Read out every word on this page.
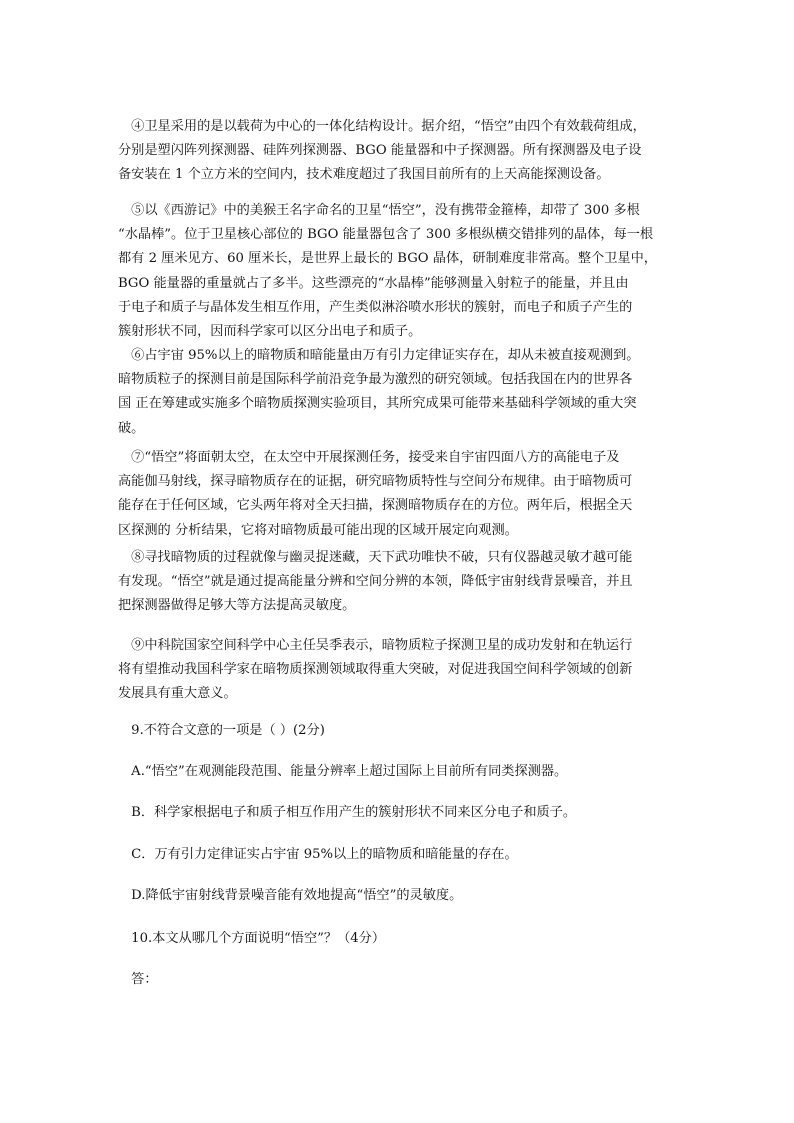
　④卫星采用的是以载荷为中心的一体化结构设计。据介绍，“悟空”由四个有效载荷组成，
分别是塑闪阵列探测器、硅阵列探测器、BGO 能量器和中子探测器。所有探测器及电子设
备安装在 1 个立方米的空间内，技术难度超过了我国目前所有的上天高能探测设备。
　⑤以《西游记》中的美猴王名字命名的卫星“悟空”，没有携带金箍棒，却带了 300 多根
“水晶棒”。位于卫星核心部位的 BGO 能量器包含了 300 多根纵横交错排列的晶体，每一根
都有 2 厘米见方、60 厘米长，是世界上最长的 BGO 晶体，研制难度非常高。整个卫星中，
BGO 能量器的重量就占了多半。这些漂亮的“水晶棒”能够测量入射粒子的能量，并且由
于电子和质子与晶体发生相互作用，产生类似淋浴喷水形状的簇射，而电子和质子产生的
簇射形状不同，因而科学家可以区分出电子和质子。
　⑥占宇宙 95%以上的暗物质和暗能量由万有引力定律证实存在，却从未被直接观测到。
暗物质粒子的探测目前是国际科学前沿竞争最为激烈的研究领域。包括我国在内的世界各
国 正在筹建或实施多个暗物质探测实验项目，其所究成果可能带来基础科学领域的重大突
破。
　⑦“悟空”将面朝太空，在太空中开展探测任务，接受来自宇宙四面八方的高能电子及
高能伽马射线，探寻暗物质存在的证据，研究暗物质特性与空间分布规律。由于暗物质可
能存在于任何区域，它头两年将对全天扫描，探测暗物质存在的方位。两年后，根据全天
区探测的 分析结果，它将对暗物质最可能出现的区域开展定向观测。
　⑧寻找暗物质的过程就像与幽灵捉迷藏，天下武功唯快不破，只有仪器越灵敏才越可能
有发现。“悟空”就是通过提高能量分辨和空间分辨的本领，降低宇宙射线背景噪音，并且
把探测器做得足够大等方法提高灵敏度。
　⑨中科院国家空间科学中心主任吴季表示，暗物质粒子探测卫星的成功发射和在轨运行
将有望推动我国科学家在暗物质探测领域取得重大突破，对促进我国空间科学领域的创新
发展具有重大意义。
　9.不符合文意的一项是（ ）(2分)
　A.“悟空”在观测能段范围、能量分辨率上超过国际上目前所有同类探测器。
　B．科学家根据电子和质子相互作用产生的簇射形状不同来区分电子和质子。
　C．万有引力定律证实占宇宙 95%以上的暗物质和暗能量的存在。
　D.降低宇宙射线背景噪音能有效地提高“悟空”的灵敏度。
　10.本文从哪几个方面说明“悟空”？（4分）
　答：
